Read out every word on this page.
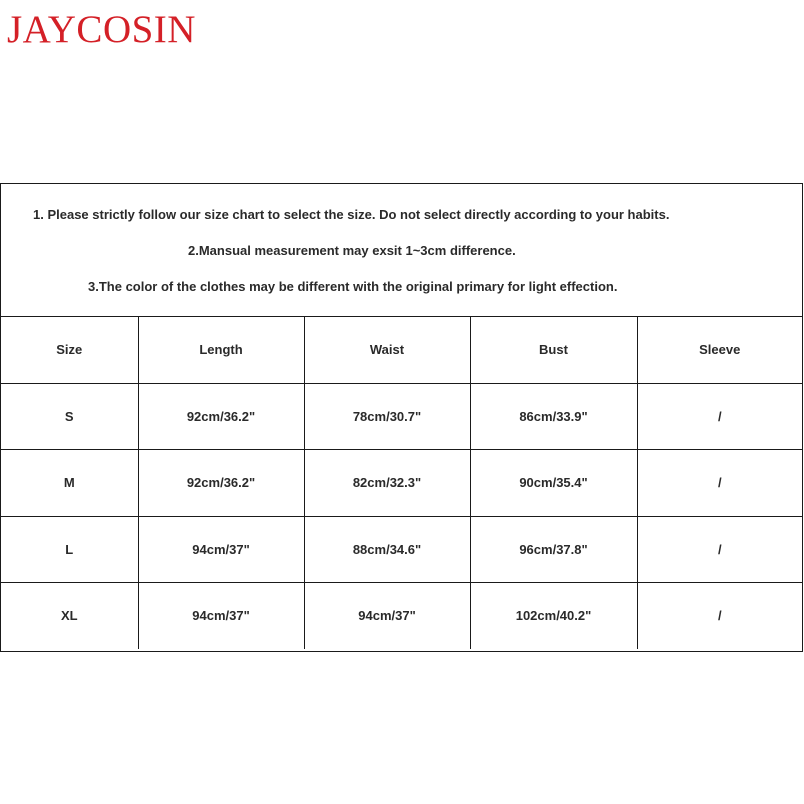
JAYCOSIN
1. Please strictly follow our size chart to select the size. Do not select directly according to your habits.
2.Mansual measurement may exsit 1~3cm difference.
3.The color of the clothes may be different with the original primary for light effection.
Size	Length	Waist	Bust	Sleeve
S	92cm/36.2"	78cm/30.7"	86cm/33.9"	/
M	92cm/36.2"	82cm/32.3"	90cm/35.4"	/
L	94cm/37"	88cm/34.6"	96cm/37.8"	/
XL	94cm/37"	94cm/37"	102cm/40.2"	/
